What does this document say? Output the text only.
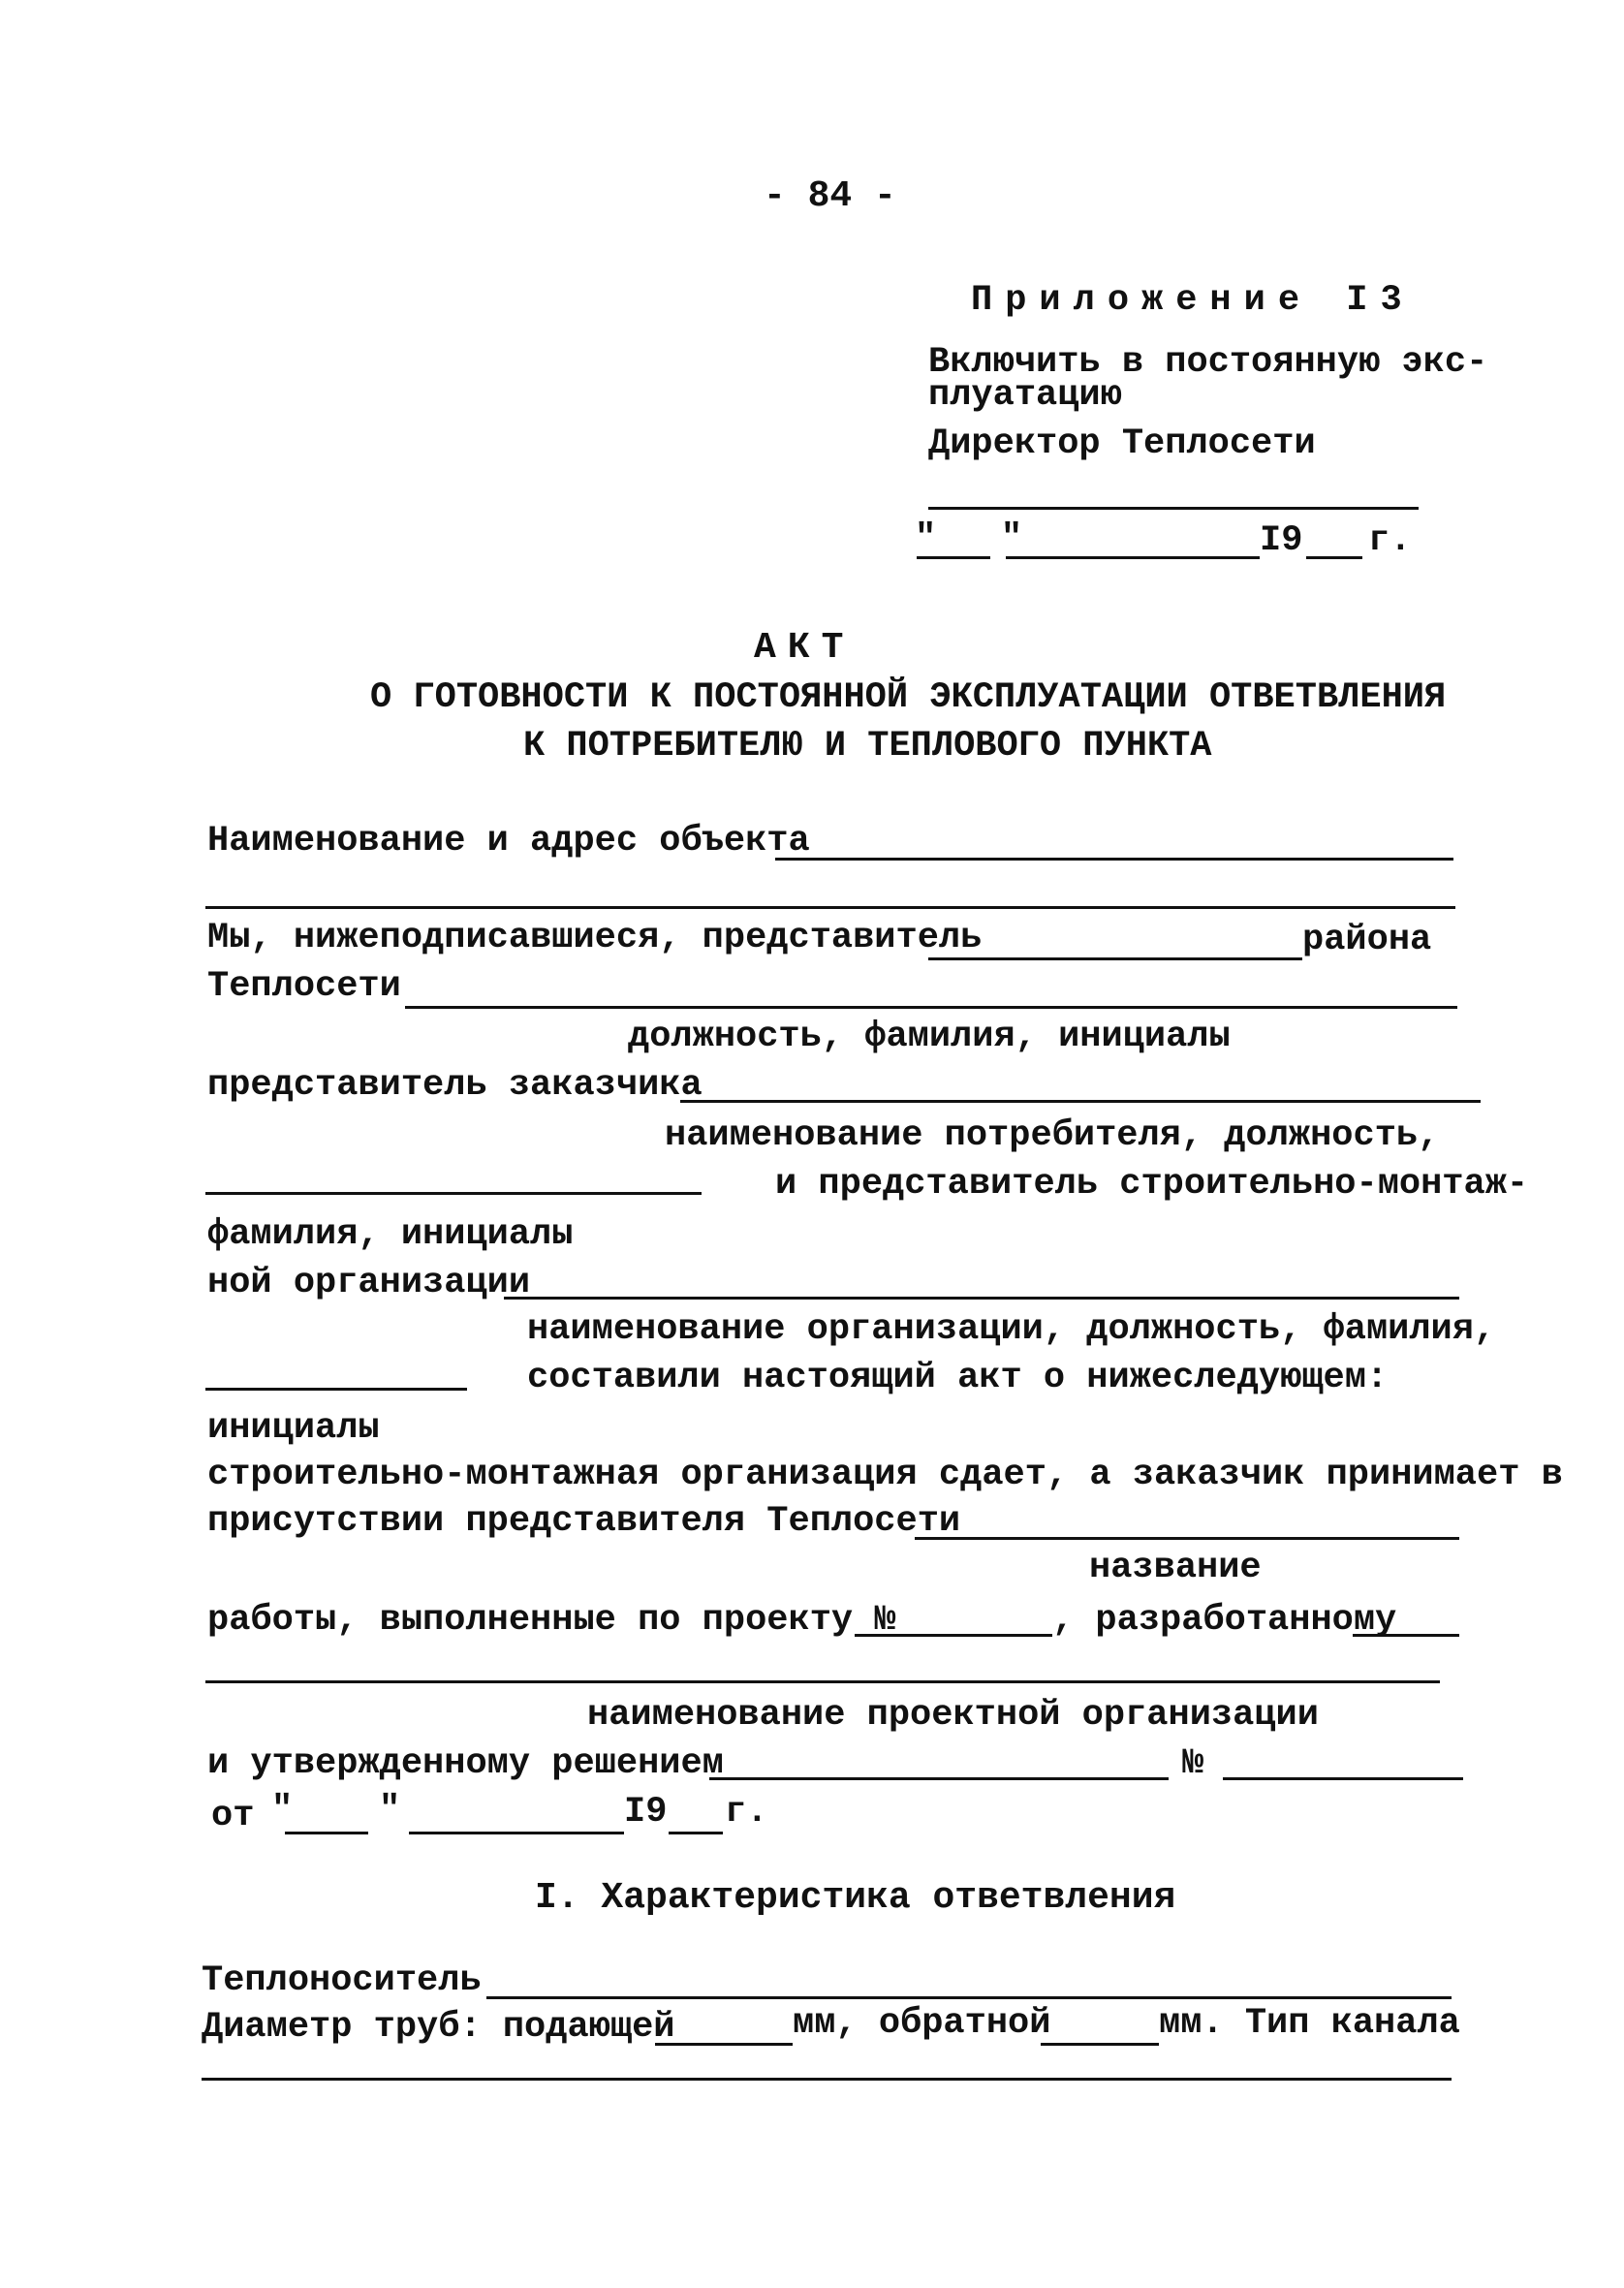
- 84 -
Приложение I3
Включить в постоянную экс-
плуатацию
Директор Теплосети
"   "	I9 г.
АКТ
О ГОТОВНОСТИ К ПОСТОЯННОЙ ЭКСПЛУАТАЦИИ ОТВЕТВЛЕНИЯ
К ПОТРЕБИТЕЛЮ И ТЕПЛОВОГО ПУНКТА
Наименование и адрес объекта
Мы, нижеподписавшиеся, представитель	района
Теплосети
должность, фамилия, инициалы
представитель заказчика
наименование потребителя, должность,
и представитель строительно-монтаж-
фамилия, инициалы
ной организации
наименование организации, должность, фамилия,
составили настоящий акт о нижеследующем:
инициалы
строительно-монтажная организация сдает, а заказчик принимает в
присутствии представителя Теплосети
название
работы, выполненные по проекту №	, разработанному
наименование проектной организации
и утвержденному решением	№
от "    "	I9 г.
I. Характеристика ответвления
Теплоноситель
Диаметр труб: подающей	мм, обратной	мм. Тип канала
